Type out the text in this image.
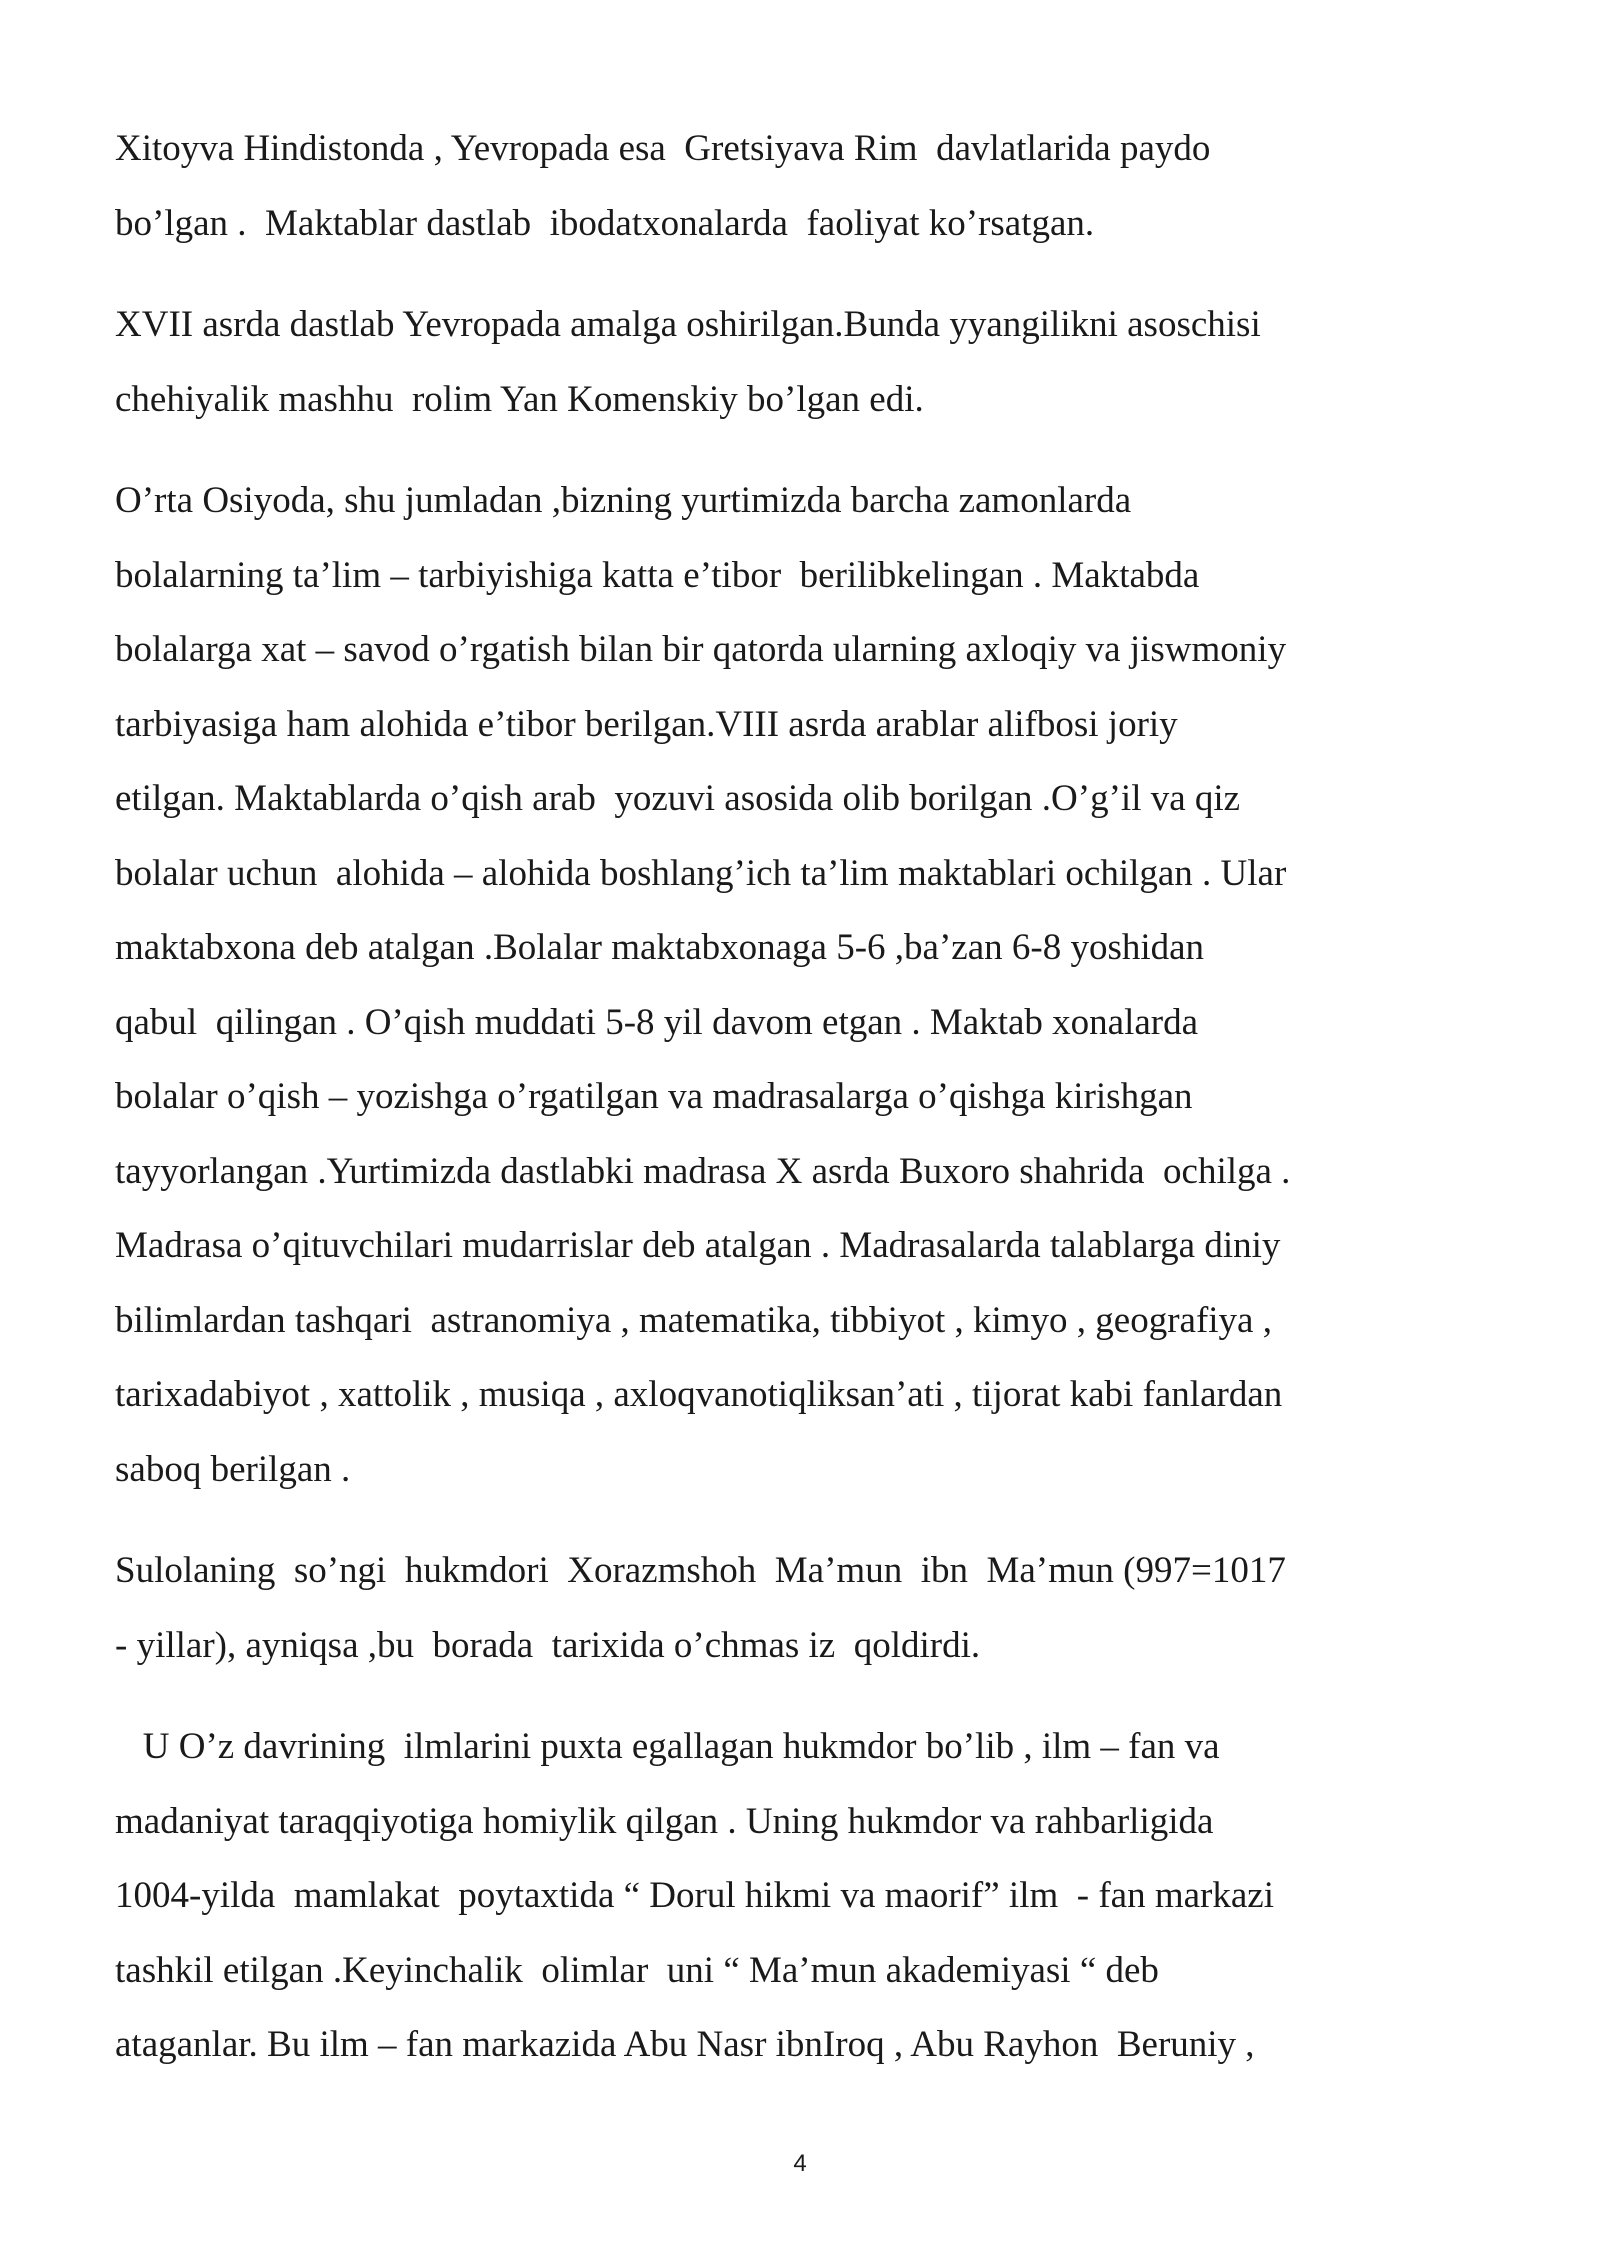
Xitoyva Hindistonda , Yevropada esa  Gretsiyava Rim  davlatlarida paydo
bo’lgan .  Maktablar dastlab  ibodatxonalarda  faoliyat ko’rsatgan.
XVII asrda dastlab Yevropada amalga oshirilgan.Bunda yyangilikni asoschisi
chehiyalik mashhu  rolim Yan Komenskiy bo’lgan edi.
O’rta Osiyoda, shu jumladan ,bizning yurtimizda barcha zamonlarda
bolalarning ta’lim – tarbiyishiga katta e’tibor  berilibkelingan . Maktabda
bolalarga xat – savod o’rgatish bilan bir qatorda ularning axloqiy va jiswmoniy
tarbiyasiga ham alohida e’tibor berilgan.VIII asrda arablar alifbosi joriy
etilgan. Maktablarda o’qish arab  yozuvi asosida olib borilgan .O’g’il va qiz
bolalar uchun  alohida – alohida boshlang’ich ta’lim maktablari ochilgan . Ular
maktabxona deb atalgan .Bolalar maktabxonaga 5-6 ,ba’zan 6-8 yoshidan
qabul  qilingan . O’qish muddati 5-8 yil davom etgan . Maktab xonalarda
bolalar o’qish – yozishga o’rgatilgan va madrasalarga o’qishga kirishgan
tayyorlangan .Yurtimizda dastlabki madrasa X asrda Buxoro shahrida  ochilga .
Madrasa o’qituvchilari mudarrislar deb atalgan . Madrasalarda talablarga diniy
bilimlardan tashqari  astranomiya , matematika, tibbiyot , kimyo , geografiya ,
tarixadabiyot , xattolik , musiqa , axloqvanotiqliksan’ati , tijorat kabi fanlardan
saboq berilgan .
Sulolaning  so’ngi  hukmdori  Xorazmshoh  Ma’mun  ibn  Ma’mun (997=1017
- yillar), ayniqsa ,bu  borada  tarixida o’chmas iz  qoldirdi.
U O’z davrining  ilmlarini puxta egallagan hukmdor bo’lib , ilm – fan va
madaniyat taraqqiyotiga homiylik qilgan . Uning hukmdor va rahbarligida
1004-yilda  mamlakat  poytaxtida “ Dorul hikmi va maorif” ilm  - fan markazi
tashkil etilgan .Keyinchalik  olimlar  uni “ Ma’mun akademiyasi “ deb
ataganlar. Bu ilm – fan markazida Abu Nasr ibnIroq , Abu Rayhon  Beruniy ,
4
